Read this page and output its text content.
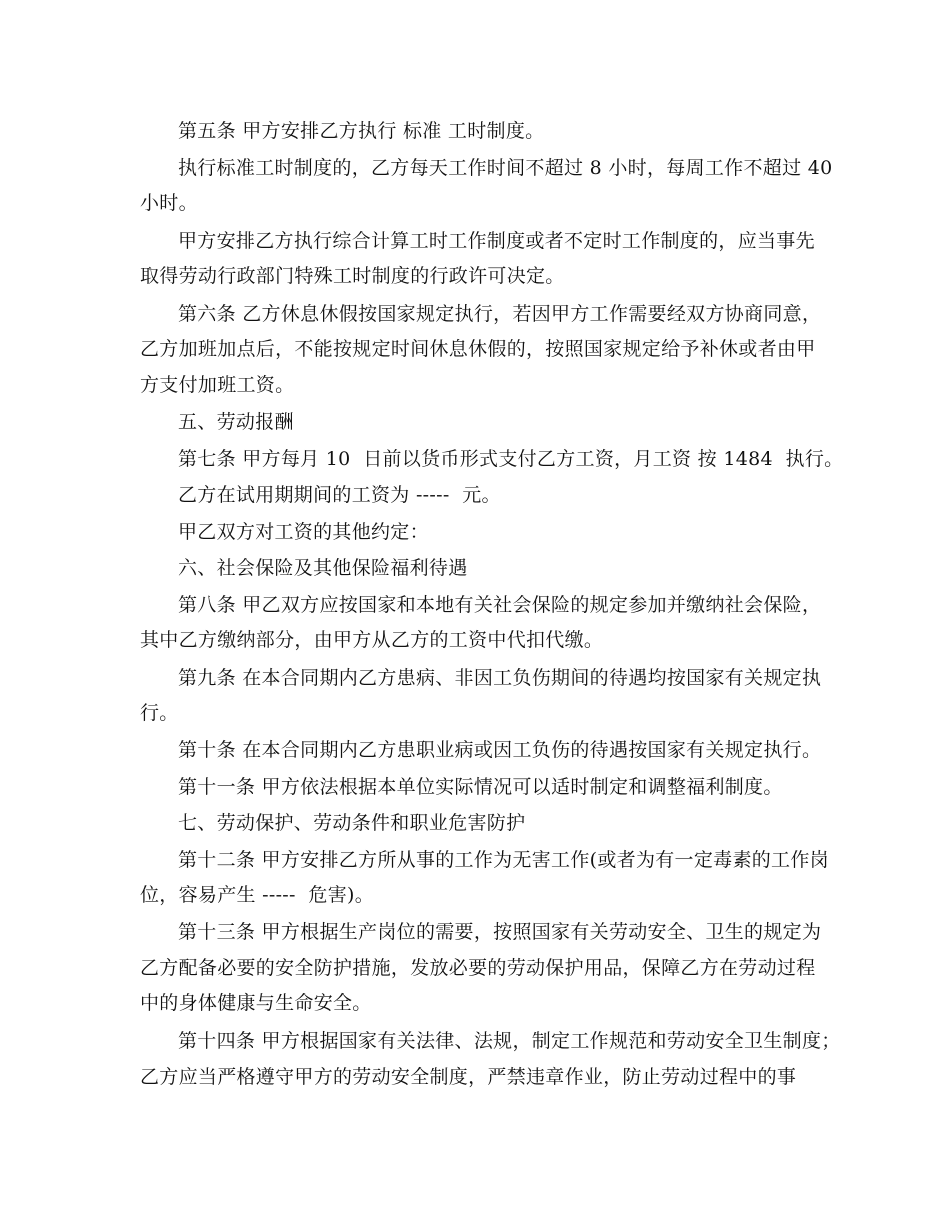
第五条 甲方安排乙方执行 标准 工时制度。
执行标准工时制度的，乙方每天工作时间不超过 8 小时，每周工作不超过 40
小时。
甲方安排乙方执行综合计算工时工作制度或者不定时工作制度的，应当事先
取得劳动行政部门特殊工时制度的行政许可决定。
第六条 乙方休息休假按国家规定执行，若因甲方工作需要经双方协商同意，
乙方加班加点后，不能按规定时间休息休假的，按照国家规定给予补休或者由甲
方支付加班工资。
五、劳动报酬
第七条 甲方每月 10  日前以货币形式支付乙方工资，月工资 按 1484  执行。
乙方在试用期期间的工资为 -----  元。
甲乙双方对工资的其他约定：
六、社会保险及其他保险福利待遇
第八条 甲乙双方应按国家和本地有关社会保险的规定参加并缴纳社会保险，
其中乙方缴纳部分，由甲方从乙方的工资中代扣代缴。
第九条 在本合同期内乙方患病、非因工负伤期间的待遇均按国家有关规定执
行。
第十条 在本合同期内乙方患职业病或因工负伤的待遇按国家有关规定执行。
第十一条 甲方依法根据本单位实际情况可以适时制定和调整福利制度。
七、劳动保护、劳动条件和职业危害防护
第十二条 甲方安排乙方所从事的工作为无害工作(或者为有一定毒素的工作岗
位，容易产生 -----  危害)。
第十三条 甲方根据生产岗位的需要，按照国家有关劳动安全、卫生的规定为
乙方配备必要的安全防护措施，发放必要的劳动保护用品，保障乙方在劳动过程
中的身体健康与生命安全。
第十四条 甲方根据国家有关法律、法规，制定工作规范和劳动安全卫生制度；
乙方应当严格遵守甲方的劳动安全制度，严禁违章作业，防止劳动过程中的事
